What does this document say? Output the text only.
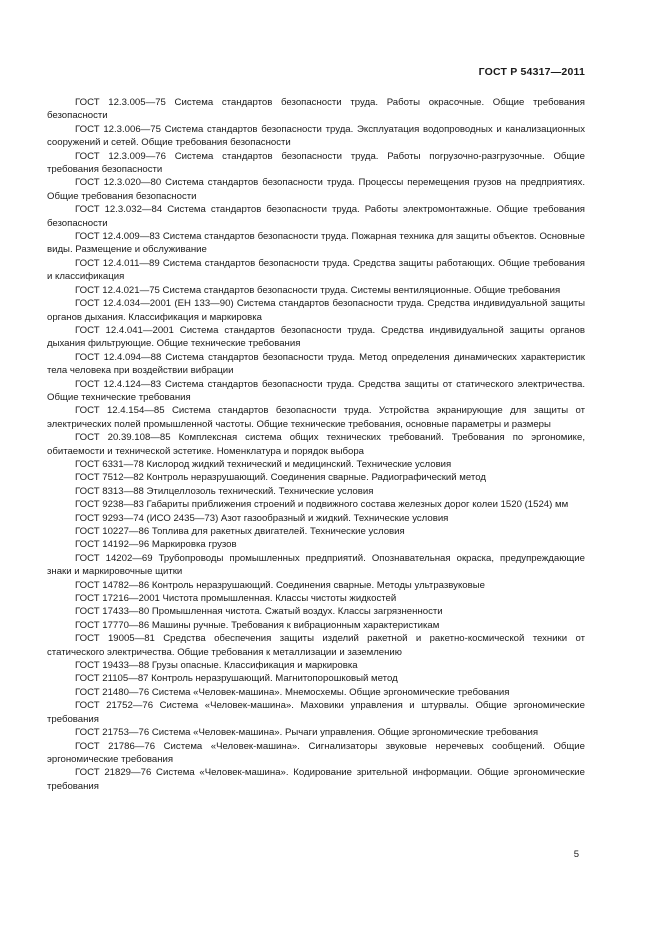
ГОСТ Р 54317—2011

ГОСТ 12.3.005—75 Система стандартов безопасности труда. Работы окрасочные. Общие требования безопасности

ГОСТ 12.3.006—75 Система стандартов безопасности труда. Эксплуатация водопроводных и канализационных сооружений и сетей. Общие требования безопасности

ГОСТ 12.3.009—76 Система стандартов безопасности труда. Работы погрузочно-разгрузочные. Общие требования безопасности

ГОСТ 12.3.020—80 Система стандартов безопасности труда. Процессы перемещения грузов на предприятиях. Общие требования безопасности

ГОСТ 12.3.032—84 Система стандартов безопасности труда. Работы электромонтажные. Общие требования безопасности

ГОСТ 12.4.009—83 Система стандартов безопасности труда. Пожарная техника для защиты объектов. Основные виды. Размещение и обслуживание

ГОСТ 12.4.011—89 Система стандартов безопасности труда. Средства защиты работающих. Общие требования и классификация

ГОСТ 12.4.021—75 Система стандартов безопасности труда. Системы вентиляционные. Общие требования

ГОСТ 12.4.034—2001 (ЕН 133—90) Система стандартов безопасности труда. Средства индивидуальной защиты органов дыхания. Классификация и маркировка

ГОСТ 12.4.041—2001 Система стандартов безопасности труда. Средства индивидуальной защиты органов дыхания фильтрующие. Общие технические требования

ГОСТ 12.4.094—88 Система стандартов безопасности труда. Метод определения динамических характеристик тела человека при воздействии вибрации

ГОСТ 12.4.124—83 Система стандартов безопасности труда. Средства защиты от статического электричества. Общие технические требования

ГОСТ 12.4.154—85 Система стандартов безопасности труда. Устройства экранирующие для защиты от электрических полей промышленной частоты. Общие технические требования, основные параметры и размеры

ГОСТ 20.39.108—85 Комплексная система общих технических требований. Требования по эргономике, обитаемости и технической эстетике. Номенклатура и порядок выбора

ГОСТ 6331—78 Кислород жидкий технический и медицинский. Технические условия

ГОСТ 7512—82 Контроль неразрушающий. Соединения сварные. Радиографический метод

ГОСТ 8313—88 Этилцеллозоль технический. Технические условия

ГОСТ 9238—83 Габариты приближения строений и подвижного состава железных дорог колеи 1520 (1524) мм

ГОСТ 9293—74 (ИСО 2435—73) Азот газообразный и жидкий. Технические условия

ГОСТ 10227—86 Топлива для ракетных двигателей. Технические условия

ГОСТ 14192—96 Маркировка грузов

ГОСТ 14202—69 Трубопроводы промышленных предприятий. Опознавательная окраска, предупреждающие знаки и маркировочные щитки

ГОСТ 14782—86 Контроль неразрушающий. Соединения сварные. Методы ультразвуковые

ГОСТ 17216—2001 Чистота промышленная. Классы чистоты жидкостей

ГОСТ 17433—80 Промышленная чистота. Сжатый воздух. Классы загрязненности

ГОСТ 17770—86 Машины ручные. Требования к вибрационным характеристикам

ГОСТ 19005—81 Средства обеспечения защиты изделий ракетной и ракетно-космической техники от статического электричества. Общие требования к металлизации и заземлению

ГОСТ 19433—88 Грузы опасные. Классификация и маркировка

ГОСТ 21105—87 Контроль неразрушающий. Магнитопорошковый метод

ГОСТ 21480—76 Система «Человек-машина». Мнемосхемы. Общие эргономические требования

ГОСТ 21752—76 Система «Человек-машина». Маховики управления и штурвалы. Общие эргономические требования

ГОСТ 21753—76 Система «Человек-машина». Рычаги управления. Общие эргономические требования

ГОСТ 21786—76 Система «Человек-машина». Сигнализаторы звуковые неречевых сообщений. Общие эргономические требования

ГОСТ 21829—76 Система «Человек-машина». Кодирование зрительной информации. Общие эргономические требования

5
